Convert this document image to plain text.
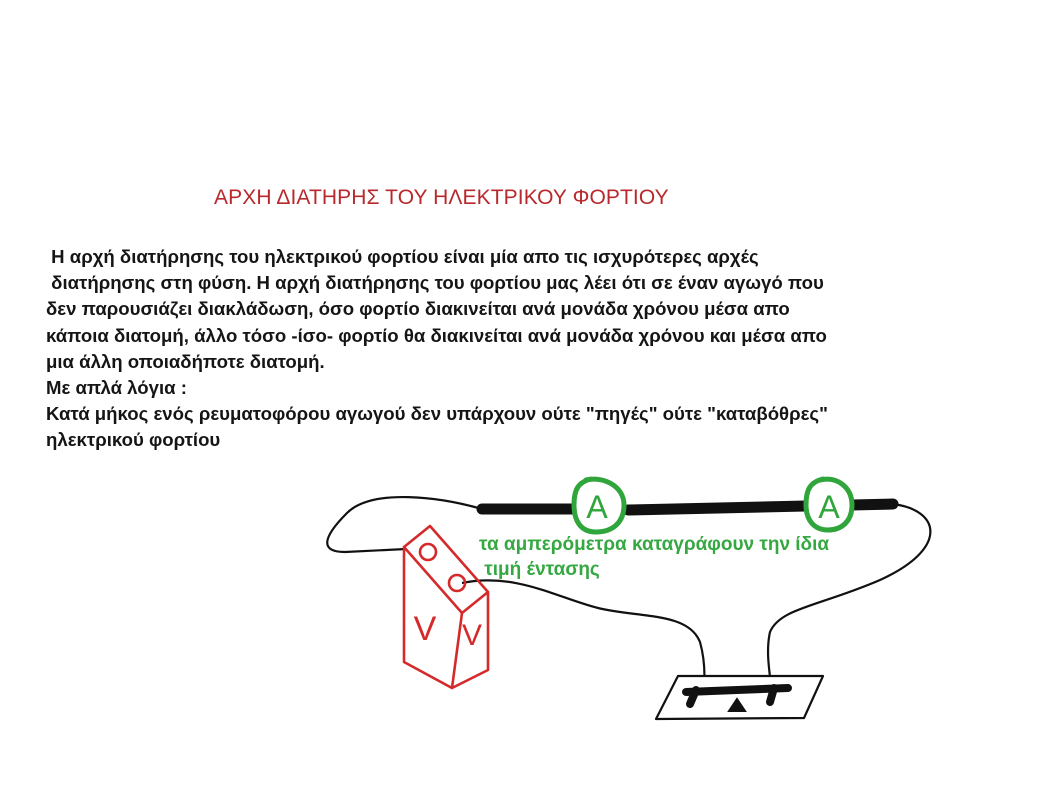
ΑΡΧΗ ΔΙΑΤΗΡΗΣ ΤΟΥ ΗΛΕΚΤΡΙΚΟΥ ΦΟΡΤΙΟΥ
Η αρχή διατήρησης του ηλεκτρικού φορτίου είναι μία απο τις ισχυρότερες αρχές
διατήρησης στη φύση. Η αρχή διατήρησης του φορτίου μας λέει ότι σε έναν αγωγό που
δεν παρουσιάζει διακλάδωση, όσο φορτίο διακινείται ανά μονάδα χρόνου μέσα απο
κάποια διατομή, άλλο τόσο -ίσο- φορτίο θα διακινείται ανά μονάδα χρόνου και μέσα απο
μια άλλη οποιαδήποτε διατομή.
Με απλά λόγια :
Κατά μήκος ενός ρευματοφόρου αγωγού δεν υπάρχουν ούτε "πηγές" ούτε "καταβόθρες"
ηλεκτρικού φορτίου
A	A
V V
τα αμπερόμετρα καταγράφουν την ίδια
τιμή έντασης
